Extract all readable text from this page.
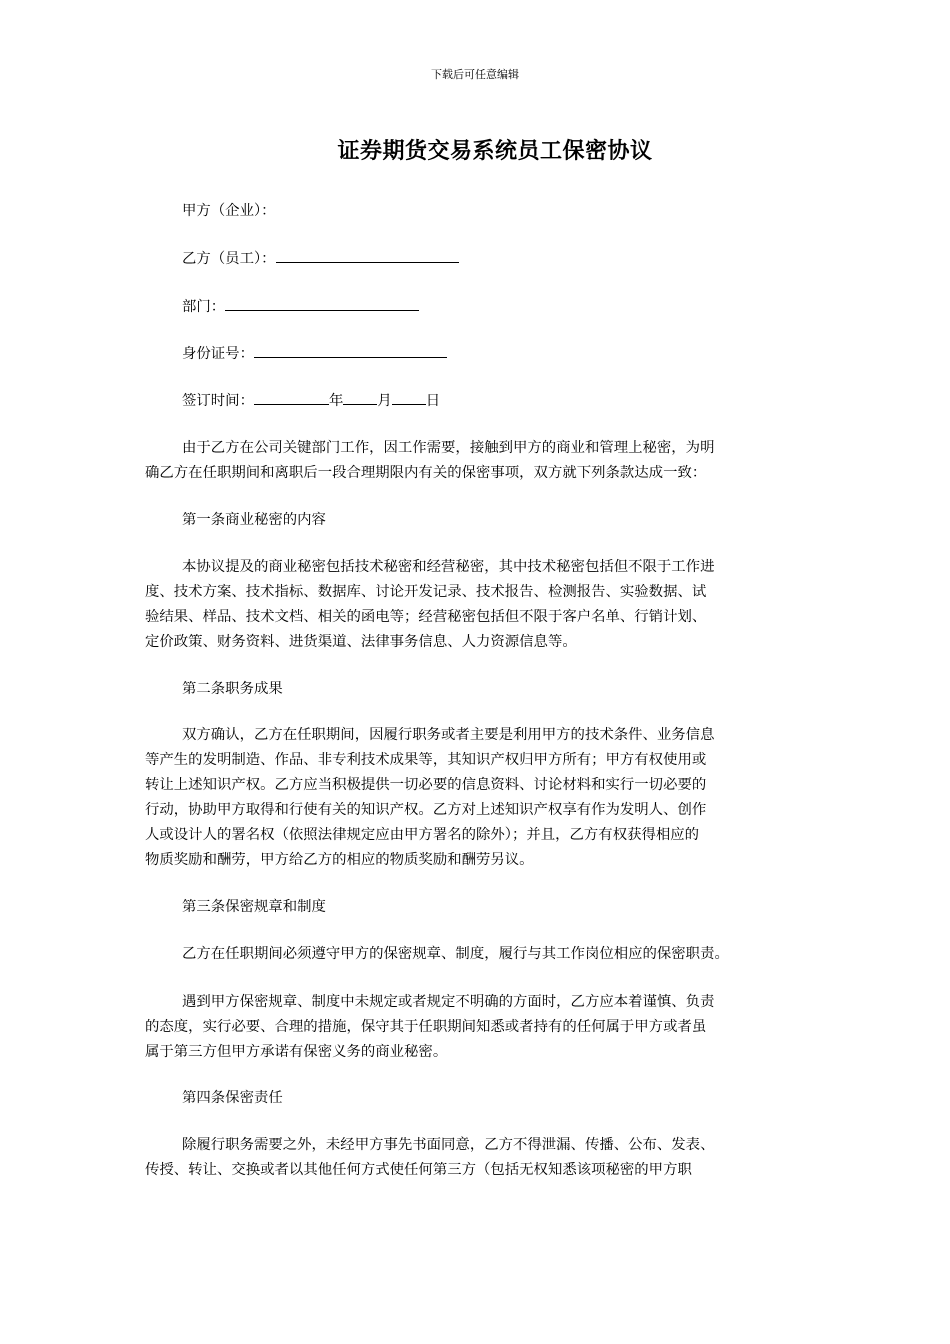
下载后可任意编辑
证券期货交易系统员工保密协议
甲方（企业）：
乙方（员工）：
部门：
身份证号：
签订时间：	年 月 日
由于乙方在公司关键部门工作，因工作需要，接触到甲方的商业和管理上秘密，为明
确乙方在任职期间和离职后一段合理期限内有关的保密事项，双方就下列条款达成一致：
第一条商业秘密的内容
本协议提及的商业秘密包括技术秘密和经营秘密，其中技术秘密包括但不限于工作进
度、技术方案、技术指标、数据库、讨论开发记录、技术报告、检测报告、实验数据、试
验结果、样品、技术文档、相关的函电等；经营秘密包括但不限于客户名单、行销计划、
定价政策、财务资料、进货渠道、法律事务信息、人力资源信息等。
第二条职务成果
双方确认，乙方在任职期间，因履行职务或者主要是利用甲方的技术条件、业务信息
等产生的发明制造、作品、非专利技术成果等，其知识产权归甲方所有；甲方有权使用或
转让上述知识产权。乙方应当积极提供一切必要的信息资料、讨论材料和实行一切必要的
行动，协助甲方取得和行使有关的知识产权。乙方对上述知识产权享有作为发明人、创作
人或设计人的署名权（依照法律规定应由甲方署名的除外）；并且，乙方有权获得相应的
物质奖励和酬劳，甲方给乙方的相应的物质奖励和酬劳另议。
第三条保密规章和制度
乙方在任职期间必须遵守甲方的保密规章、制度，履行与其工作岗位相应的保密职责。
遇到甲方保密规章、制度中未规定或者规定不明确的方面时，乙方应本着谨慎、负责
的态度，实行必要、合理的措施，保守其于任职期间知悉或者持有的任何属于甲方或者虽
属于第三方但甲方承诺有保密义务的商业秘密。
第四条保密责任
除履行职务需要之外，未经甲方事先书面同意，乙方不得泄漏、传播、公布、发表、
传授、转让、交换或者以其他任何方式使任何第三方（包括无权知悉该项秘密的甲方职
